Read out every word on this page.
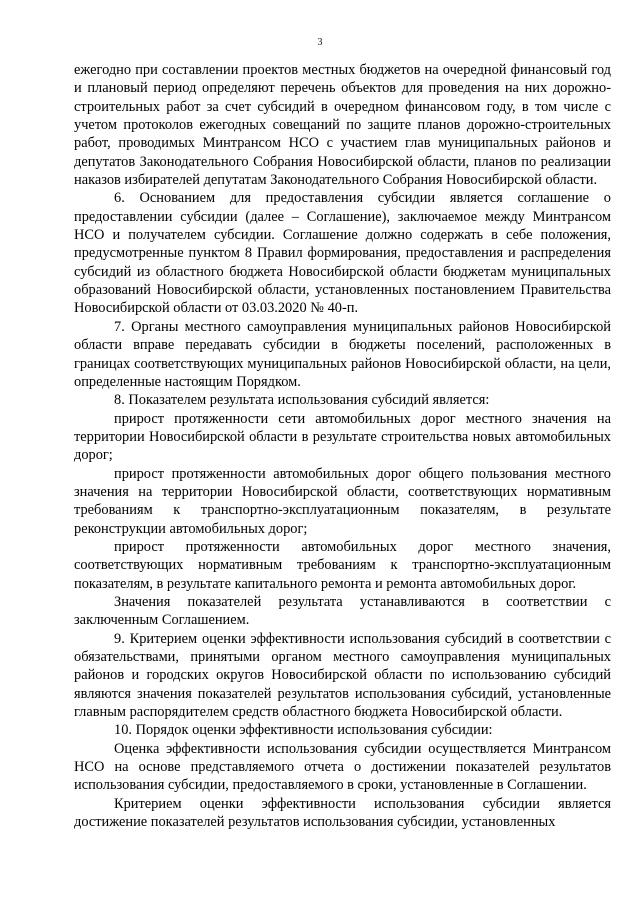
3

ежегодно при составлении проектов местных бюджетов на очередной финансовый год и плановый период определяют перечень объектов для проведения на них дорожно-строительных работ за счет субсидий в очередном финансовом году, в том числе с учетом протоколов ежегодных совещаний по защите планов дорожно-строительных работ, проводимых Минтрансом НСО с участием глав муниципальных районов и депутатов Законодательного Собрания Новосибирской области, планов по реализации наказов избирателей депутатам Законодательного Собрания Новосибирской области.

6. Основанием для предоставления субсидии является соглашение о предоставлении субсидии (далее – Соглашение), заключаемое между Минтрансом НСО и получателем субсидии. Соглашение должно содержать в себе положения, предусмотренные пунктом 8 Правил формирования, предоставления и распределения субсидий из областного бюджета Новосибирской области бюджетам муниципальных образований Новосибирской области, установленных постановлением Правительства Новосибирской области от 03.03.2020 № 40-п.

7. Органы местного самоуправления муниципальных районов Новосибирской области вправе передавать субсидии в бюджеты поселений, расположенных в границах соответствующих муниципальных районов Новосибирской области, на цели, определенные настоящим Порядком.

8. Показателем результата использования субсидий является:

прирост протяженности сети автомобильных дорог местного значения на территории Новосибирской области в результате строительства новых автомобильных дорог;

прирост протяженности автомобильных дорог общего пользования местного значения на территории Новосибирской области, соответствующих нормативным требованиям к транспортно-эксплуатационным показателям, в результате реконструкции автомобильных дорог;

прирост протяженности автомобильных дорог местного значения, соответствующих нормативным требованиям к транспортно-эксплуатационным показателям, в результате капитального ремонта и ремонта автомобильных дорог.

Значения показателей результата устанавливаются в соответствии с заключенным Соглашением.

9. Критерием оценки эффективности использования субсидий в соответствии с обязательствами, принятыми органом местного самоуправления муниципальных районов и городских округов Новосибирской области по использованию субсидий являются значения показателей результатов использования субсидий, установленные главным распорядителем средств областного бюджета Новосибирской области.

10. Порядок оценки эффективности использования субсидии:

Оценка эффективности использования субсидии осуществляется Минтрансом НСО на основе представляемого отчета о достижении показателей результатов использования субсидии, предоставляемого в сроки, установленные в Соглашении.

Критерием оценки эффективности использования субсидии является достижение показателей результатов использования субсидии, установленных
